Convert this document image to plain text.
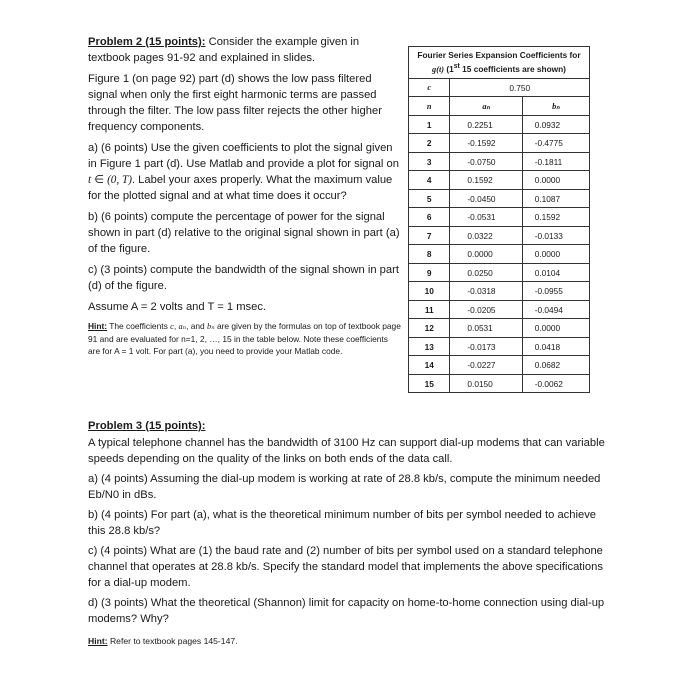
Problem 2 (15 points): Consider the example given in textbook pages 91-92 and explained in slides.

Figure 1 (on page 92) part (d) shows the low pass filtered signal when only the first eight harmonic terms are passed through the filter. The low pass filter rejects the other higher frequency components.

a) (6 points) Use the given coefficients to plot the signal given in Figure 1 part (d). Use Matlab and provide a plot for signal on t ∈ (0, T). Label your axes properly. What the maximum value for the plotted signal and at what time does it occur?

b) (6 points) compute the percentage of power for the signal shown in part (d) relative to the original signal shown in part (a) of the figure.

c) (3 points) compute the bandwidth of the signal shown in part (d) of the figure.

Assume A = 2 volts and T = 1 msec.

Hint: The coefficients c, aₙ, and bₙ are given by the formulas on top of textbook page 91 and are evaluated for n=1, 2, …, 15 in the table below. Note these coefficients are for A = 1 volt. For part (a), you need to provide your Matlab code.

Fourier Series Expansion Coefficients for
g(t) (1st 15 coefficients are shown)		
c	0.750	
n	aₙ	bₙ
1	0.2251	0.0932
2	-0.1592	-0.4775
3	-0.0750	-0.1811
4	0.1592	0.0000
5	-0.0450	0.1087
6	-0.0531	0.1592
7	0.0322	-0.0133
8	0.0000	0.0000
9	0.0250	0.0104
10	-0.0318	-0.0955
11	-0.0205	-0.0494
12	0.0531	0.0000
13	-0.0173	0.0418
14	-0.0227	0.0682
15	0.0150	-0.0062

Problem 3 (15 points):

A typical telephone channel has the bandwidth of 3100 Hz can support dial-up modems that can variable speeds depending on the quality of the links on both ends of the data call.

a) (4 points) Assuming the dial-up modem is working at rate of 28.8 kb/s, compute the minimum needed Eb/N0 in dBs.

b) (4 points) For part (a), what is the theoretical minimum number of bits per symbol needed to achieve this 28.8 kb/s?

c) (4 points) What are (1) the baud rate and (2) number of bits per symbol used on a standard telephone channel that operates at 28.8 kb/s. Specify the standard model that implements the above specifications for a dial-up modem.

d) (3 points) What the theoretical (Shannon) limit for capacity on home-to-home connection using dial-up modems? Why?

Hint: Refer to textbook pages 145-147.
